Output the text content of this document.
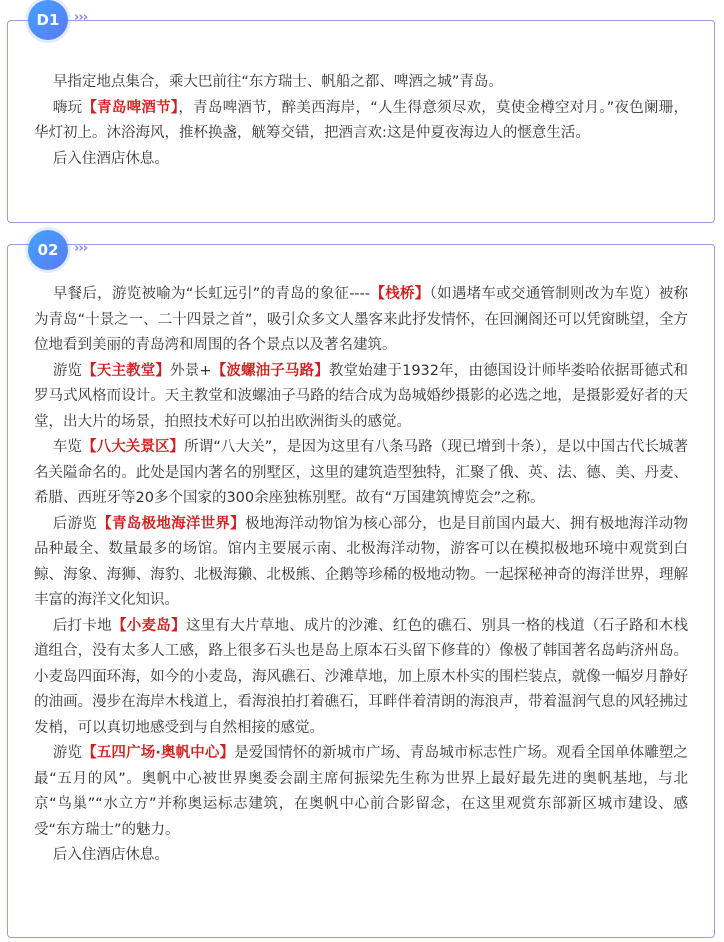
早指定地点集合，乘大巴前往“东方瑞士、帆船之都、啤酒之城”青岛。

嗨玩【青岛啤酒节】，青岛啤酒节，醉美西海岸，“人生得意须尽欢，莫使金樽空对月。”夜色阑珊，华灯初上。沐浴海风，推杯换盏，觥筹交错，把酒言欢:这是仲夏夜海边人的惬意生活。

后入住酒店休息。

D1	›››

早餐后，游览被喻为“长虹远引”的青岛的象征----【栈桥】（如遇堵车或交通管制则改为车览）被称为青岛“十景之一、二十四景之首”，吸引众多文人墨客来此抒发情怀，在回澜阁还可以凭窗眺望，全方位地看到美丽的青岛湾和周围的各个景点以及著名建筑。

游览【天主教堂】外景+【波螺油子马路】教堂始建于1932年，由德国设计师毕娄哈依据哥德式和罗马式风格而设计。天主教堂和波螺油子马路的结合成为岛城婚纱摄影的必选之地，是摄影爱好者的天堂，出大片的场景，拍照技术好可以拍出欧洲街头的感觉。

车览【八大关景区】所谓“八大关”，是因为这里有八条马路（现已增到十条），是以中国古代长城著名关隘命名的。此处是国内著名的别墅区，这里的建筑造型独特，汇聚了俄、英、法、德、美、丹麦、希腊、西班牙等20多个国家的300余座独栋别墅。故有“万国建筑博览会”之称。

后游览【青岛极地海洋世界】极地海洋动物馆为核心部分，也是目前国内最大、拥有极地海洋动物品种最全、数量最多的场馆。馆内主要展示南、北极海洋动物，游客可以在模拟极地环境中观赏到白鲸、海象、海狮、海豹、北极海獭、北极熊、企鹅等珍稀的极地动物。一起探秘神奇的海洋世界，理解丰富的海洋文化知识。

后打卡地【小麦岛】这里有大片草地、成片的沙滩、红色的礁石、别具一格的栈道（石子路和木栈道组合，没有太多人工感，路上很多石头也是岛上原本石头留下修葺的）像极了韩国著名岛屿济州岛。小麦岛四面环海，如今的小麦岛，海风礁石、沙滩草地，加上原木朴实的围栏装点，就像一幅岁月静好的油画。漫步在海岸木栈道上，看海浪拍打着礁石，耳畔伴着清朗的海浪声，带着温润气息的风轻拂过发梢，可以真切地感受到与自然相接的感觉。

游览【五四广场·奥帆中心】是爱国情怀的新城市广场、青岛城市标志性广场。观看全国单体雕塑之最“五月的风”。奥帆中心被世界奥委会副主席何振梁先生称为世界上最好最先进的奥帆基地，与北京“鸟巢”“水立方”并称奥运标志建筑，在奥帆中心前合影留念，在这里观赏东部新区城市建设、感受“东方瑞士”的魅力。

后入住酒店休息。

02	›››
